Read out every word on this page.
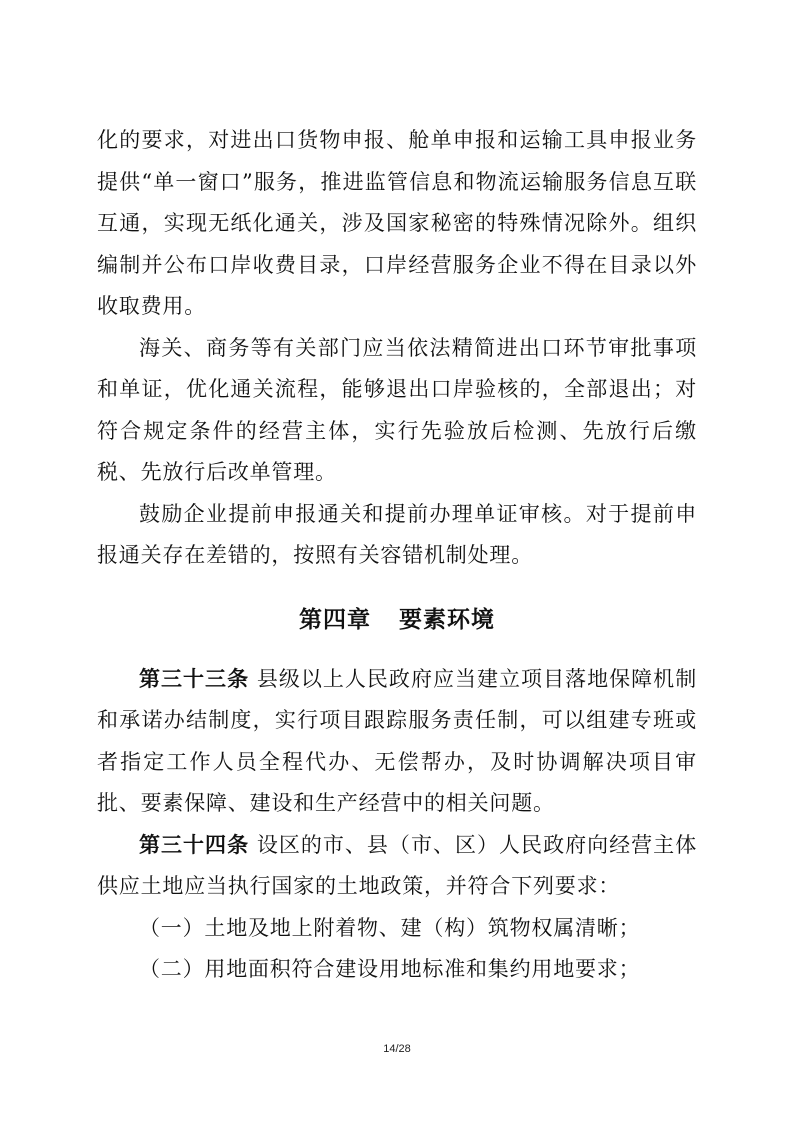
化的要求，对进出口货物申报、舱单申报和运输工具申报业务提供“单一窗口”服务，推进监管信息和物流运输服务信息互联互通，实现无纸化通关，涉及国家秘密的特殊情况除外。组织编制并公布口岸收费目录，口岸经营服务企业不得在目录以外收取费用。

海关、商务等有关部门应当依法精简进出口环节审批事项和单证，优化通关流程，能够退出口岸验核的，全部退出；对符合规定条件的经营主体，实行先验放后检测、先放行后缴税、先放行后改单管理。

鼓励企业提前申报通关和提前办理单证审核。对于提前申报通关存在差错的，按照有关容错机制处理。

第四章 要素环境

第三十三条 县级以上人民政府应当建立项目落地保障机制和承诺办结制度，实行项目跟踪服务责任制，可以组建专班或者指定工作人员全程代办、无偿帮办，及时协调解决项目审批、要素保障、建设和生产经营中的相关问题。

第三十四条 设区的市、县（市、区）人民政府向经营主体供应土地应当执行国家的土地政策，并符合下列要求：

（一）土地及地上附着物、建（构）筑物权属清晰；

（二）用地面积符合建设用地标准和集约用地要求；

14/28
